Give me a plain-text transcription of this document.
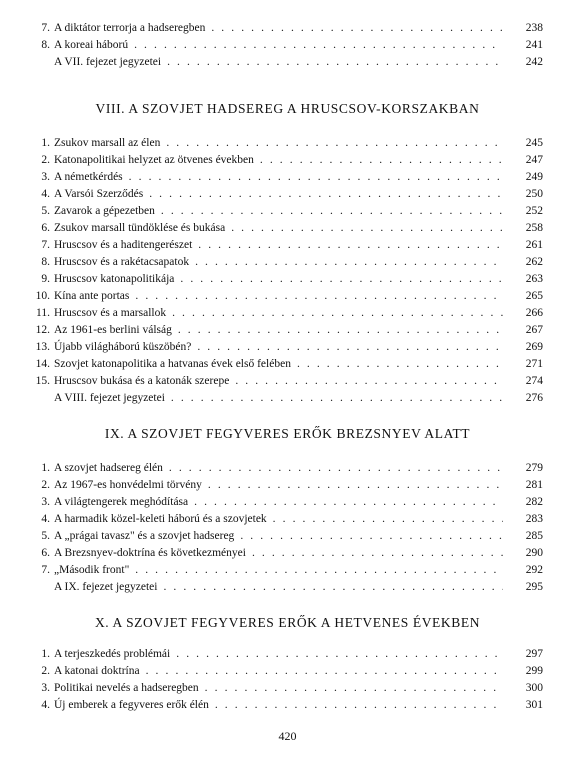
7. A diktátor terrorja a hadseregben . . .	238
8. A koreai háború . . .	241
A VII. fejezet jegyzetei . . .	242
VIII. A SZOVJET HADSEREG A HRUSCSOV-KORSZAKBAN
1. Zsukov marsall az élen . . .	245
2. Katonapolitikai helyzet az ötvenes években . . .	247
3. A németkérdés . . .	249
4. A Varsói Szerződés . . .	250
5. Zavarok a gépezetben . . .	252
6. Zsukov marsall tündöklése és bukása . . .	258
7. Hruscsov és a haditengerészet . . .	261
8. Hruscsov és a rakétacsapatok . . .	262
9. Hruscsov katonapolitikája . . .	263
10. Kína ante portas . . .	265
11. Hruscsov és a marsallok . . .	266
12. Az 1961-es berlini válság . . .	267
13. Újabb világháború küszöbén? . . .	269
14. Szovjet katonapolitika a hatvanas évek első felében . . .	271
15. Hruscsov bukása és a katonák szerepe . . .	274
A VIII. fejezet jegyzetei . . .	276
IX. A SZOVJET FEGYVERES ERŐK BREZSNYEV ALATT
1. A szovjet hadsereg élén . . .	279
2. Az 1967-es honvédelmi törvény . . .	281
3. A világtengerek meghódítása . . .	282
4. A harmadik közel-keleti háború és a szovjetek . . .	283
5. A „prágai tavasz" és a szovjet hadsereg . . .	285
6. A Brezsnyev-doktrína és következményei . . .	290
7. „Második front" . . .	292
A IX. fejezet jegyzetei . . .	295
X. A SZOVJET FEGYVERES ERŐK A HETVENES ÉVEKBEN
1. A terjeszkedés problémái . . .	297
2. A katonai doktrína . . .	299
3. Politikai nevelés a hadseregben . . .	300
4. Új emberek a fegyveres erők élén . . .	301
420
